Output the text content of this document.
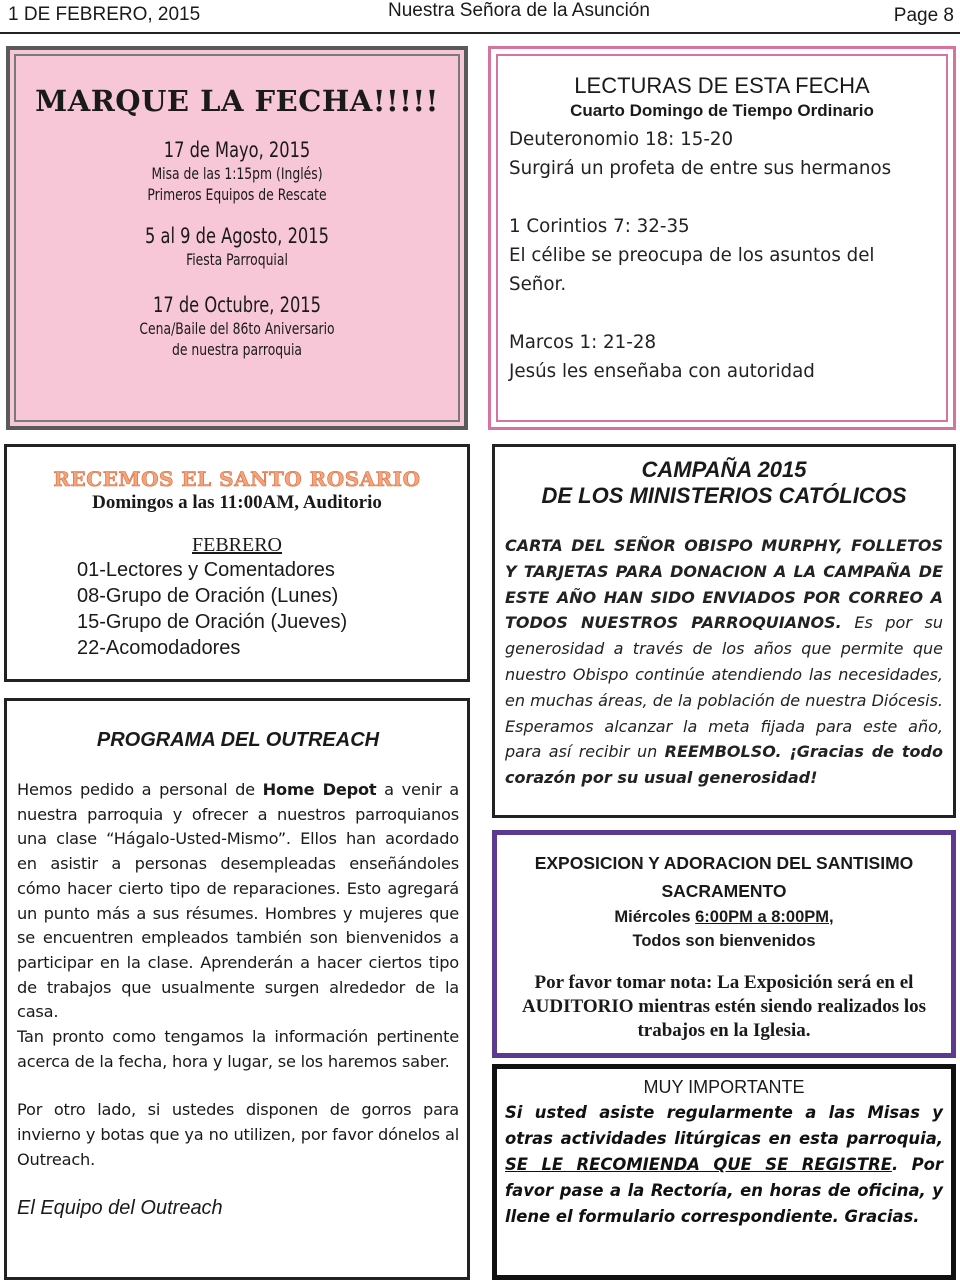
1 DE FEBRERO, 2015	Nuestra Señora de la Asunción	Page 8
MARQUE LA FECHA!!!!!
17 de Mayo, 2015
Misa de las 1:15pm (Inglés)
Primeros Equipos de Rescate
5 al 9 de Agosto, 2015
Fiesta Parroquial
17 de Octubre, 2015
Cena/Baile del 86to Aniversario
de nuestra parroquia
LECTURAS DE ESTA FECHA
Cuarto Domingo de Tiempo Ordinario
Deuteronomio 18: 15-20
Surgirá un profeta de entre sus hermanos
1 Corintios 7: 32-35
El célibe se preocupa de los asuntos del
Señor.
Marcos 1: 21-28
Jesús les enseñaba con autoridad
RECEMOS EL SANTO ROSARIO
Domingos a las 11:00AM, Auditorio
FEBRERO
01-Lectores y Comentadores
08-Grupo de Oración (Lunes)
15-Grupo de Oración (Jueves)
22-Acomodadores
PROGRAMA DEL OUTREACH

Hemos pedido a personal de Home Depot a venir a nuestra parroquia y ofrecer a nuestros parroquianos una clase “Hágalo-Usted-Mismo”. Ellos han acordado en asistir a personas desempleadas enseñándoles cómo hacer cierto tipo de reparaciones. Esto agregará un punto más a sus résumes. Hombres y mujeres que se encuentren empleados también son bienvenidos a participar en la clase. Aprenderán a hacer ciertos tipo de trabajos que usualmente surgen alrededor de la casa.

Tan pronto como tengamos la información pertinente acerca de la fecha, hora y lugar, se los haremos saber.

Por otro lado, si ustedes disponen de gorros para invierno y botas que ya no utilizen, por favor dónelos al Outreach.

El Equipo del Outreach
CAMPAÑA 2015
DE LOS MINISTERIOS CATÓLICOS

CARTA DEL SEÑOR OBISPO MURPHY, FOLLETOS Y TARJETAS PARA DONACION A LA CAMPAÑA DE ESTE AÑO HAN SIDO ENVIADOS POR CORREO A TODOS NUESTROS PARROQUIANOS. Es por su generosidad a través de los años que permite que nuestro Obispo continúe atendiendo las necesidades, en muchas áreas, de la población de nuestra Diócesis. Esperamos alcanzar la meta fijada para este año, para así recibir un REEMBOLSO. ¡Gracias de todo corazón por su usual generosidad!

EXPOSICION Y ADORACION DEL SANTISIMO SACRAMENTO
Miércoles 6:00PM a 8:00PM,
Todos son bienvenidos
Por favor tomar nota: La Exposición será en el AUDITORIO mientras estén siendo realizados los trabajos en la Iglesia.
MUY IMPORTANTE

Si usted asiste regularmente a las Misas y otras actividades litúrgicas en esta parroquia, SE LE RECOMIENDA QUE SE REGISTRE. Por favor pase a la Rectoría, en horas de oficina, y llene el formulario correspondiente. Gracias.
